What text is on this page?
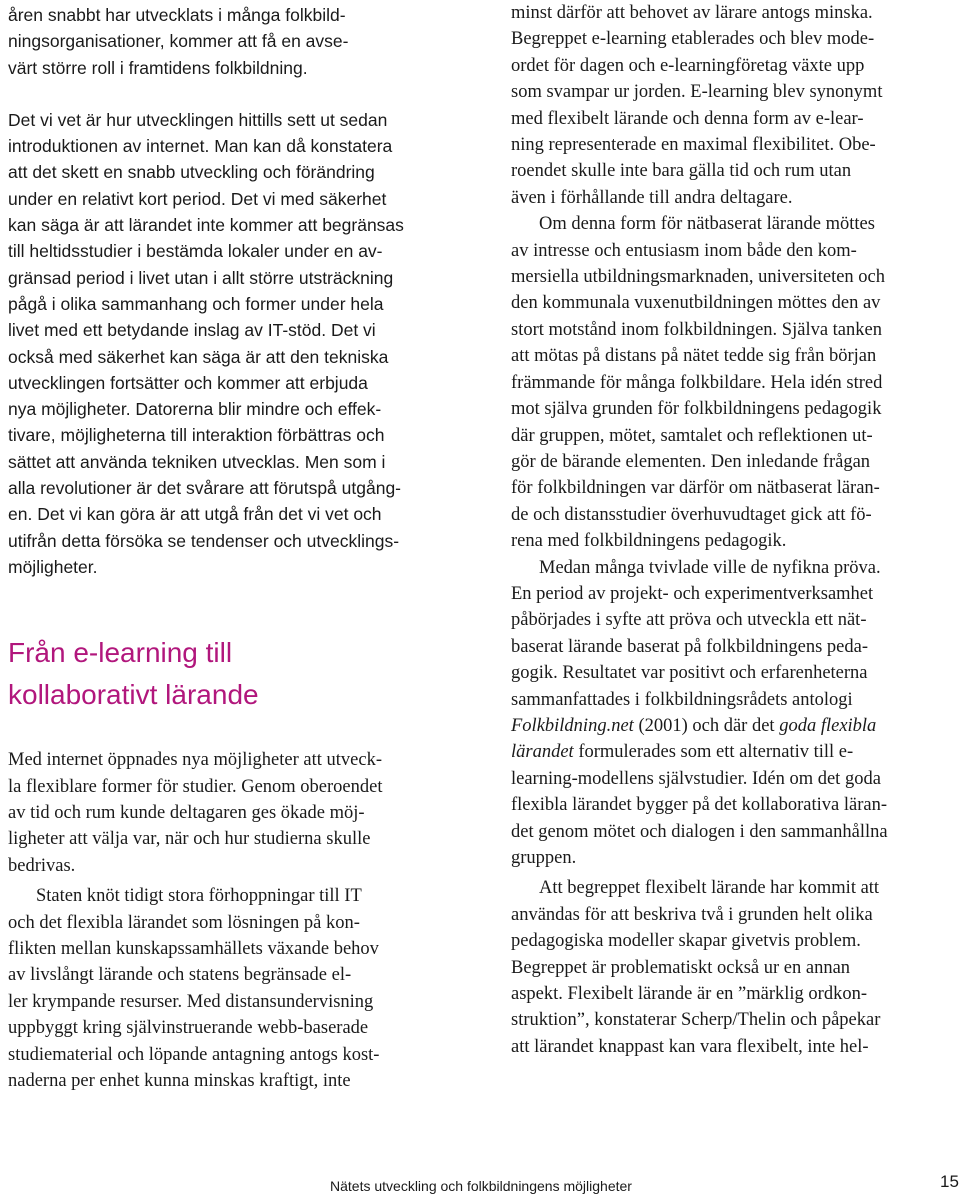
åren snabbt har utvecklats i många folkbild-
ningsorganisationer, kommer att få en avse-
värt större roll i framtidens folkbildning.

Det vi vet är hur utvecklingen hittills sett ut sedan
introduktionen av internet. Man kan då konstatera
att det skett en snabb utveckling och förändring
under en relativt kort period. Det vi med säkerhet
kan säga är att lärandet inte kommer att begränsas
till heltidsstudier i bestämda lokaler under en av-
gränsad period i livet utan i allt större utsträckning
pågå i olika sammanhang och former under hela
livet med ett betydande inslag av IT-stöd. Det vi
också med säkerhet kan säga är att den tekniska
utvecklingen fortsätter och kommer att erbjuda
nya möjligheter. Datorerna blir mindre och effek-
tivare, möjligheterna till interaktion förbättras och
sättet att använda tekniken utvecklas. Men som i
alla revolutioner är det svårare att förutspå utgång-
en. Det vi kan göra är att utgå från det vi vet och
utifrån detta försöka se tendenser och utvecklings-
möjligheter.

Från e-learning till
kollaborativt lärande

Med internet öppnades nya möjligheter att utveck-
la flexiblare former för studier. Genom oberoendet
av tid och rum kunde deltagaren ges ökade möj-
ligheter att välja var, när och hur studierna skulle
bedrivas.

Staten knöt tidigt stora förhoppningar till IT
och det flexibla lärandet som lösningen på kon-
flikten mellan kunskapssamhällets växande behov
av livslångt lärande och statens begränsade el-
ler krympande resurser. Med distansundervisning
uppbyggt kring självinstruerande webb-baserade
studiematerial och löpande antagning antogs kost-
naderna per enhet kunna minskas kraftigt, inte

minst därför att behovet av lärare antogs minska.
Begreppet e-learning etablerades och blev mode-
ordet för dagen och e-learningföretag växte upp
som svampar ur jorden. E-learning blev synonymt
med flexibelt lärande och denna form av e-lear-
ning representerade en maximal flexibilitet. Obe-
roendet skulle inte bara gälla tid och rum utan
även i förhållande till andra deltagare.

Om denna form för nätbaserat lärande möttes
av intresse och entusiasm inom både den kom-
mersiella utbildningsmarknaden, universiteten och
den kommunala vuxenutbildningen möttes den av
stort motstånd inom folkbildningen. Själva tanken
att mötas på distans på nätet tedde sig från början
främmande för många folkbildare. Hela idén stred
mot själva grunden för folkbildningens pedagogik
där gruppen, mötet, samtalet och reflektionen ut-
gör de bärande elementen. Den inledande frågan
för folkbildningen var därför om nätbaserat läran-
de och distansstudier överhuvudtaget gick att fö-
rena med folkbildningens pedagogik.

Medan många tvivlade ville de nyfikna pröva.
En period av projekt- och experimentverksamhet
påbörjades i syfte att pröva och utveckla ett nät-
baserat lärande baserat på folkbildningens peda-
gogik. Resultatet var positivt och erfarenheterna
sammanfattades i folkbildningsrådets antologi
Folkbildning.net (2001) och där det goda flexibla
lärandet formulerades som ett alternativ till e-
learning-modellens självstudier. Idén om det goda
flexibla lärandet bygger på det kollaborativa läran-
det genom mötet och dialogen i den sammanhållna
gruppen.

Att begreppet flexibelt lärande har kommit att
användas för att beskriva två i grunden helt olika
pedagogiska modeller skapar givetvis problem.
Begreppet är problematiskt också ur en annan
aspekt. Flexibelt lärande är en ”märklig ordkon-
struktion”, konstaterar Scherp/Thelin och påpekar
att lärandet knappast kan vara flexibelt, inte hel-

Nätets utveckling och folkbildningens möjligheter	15
